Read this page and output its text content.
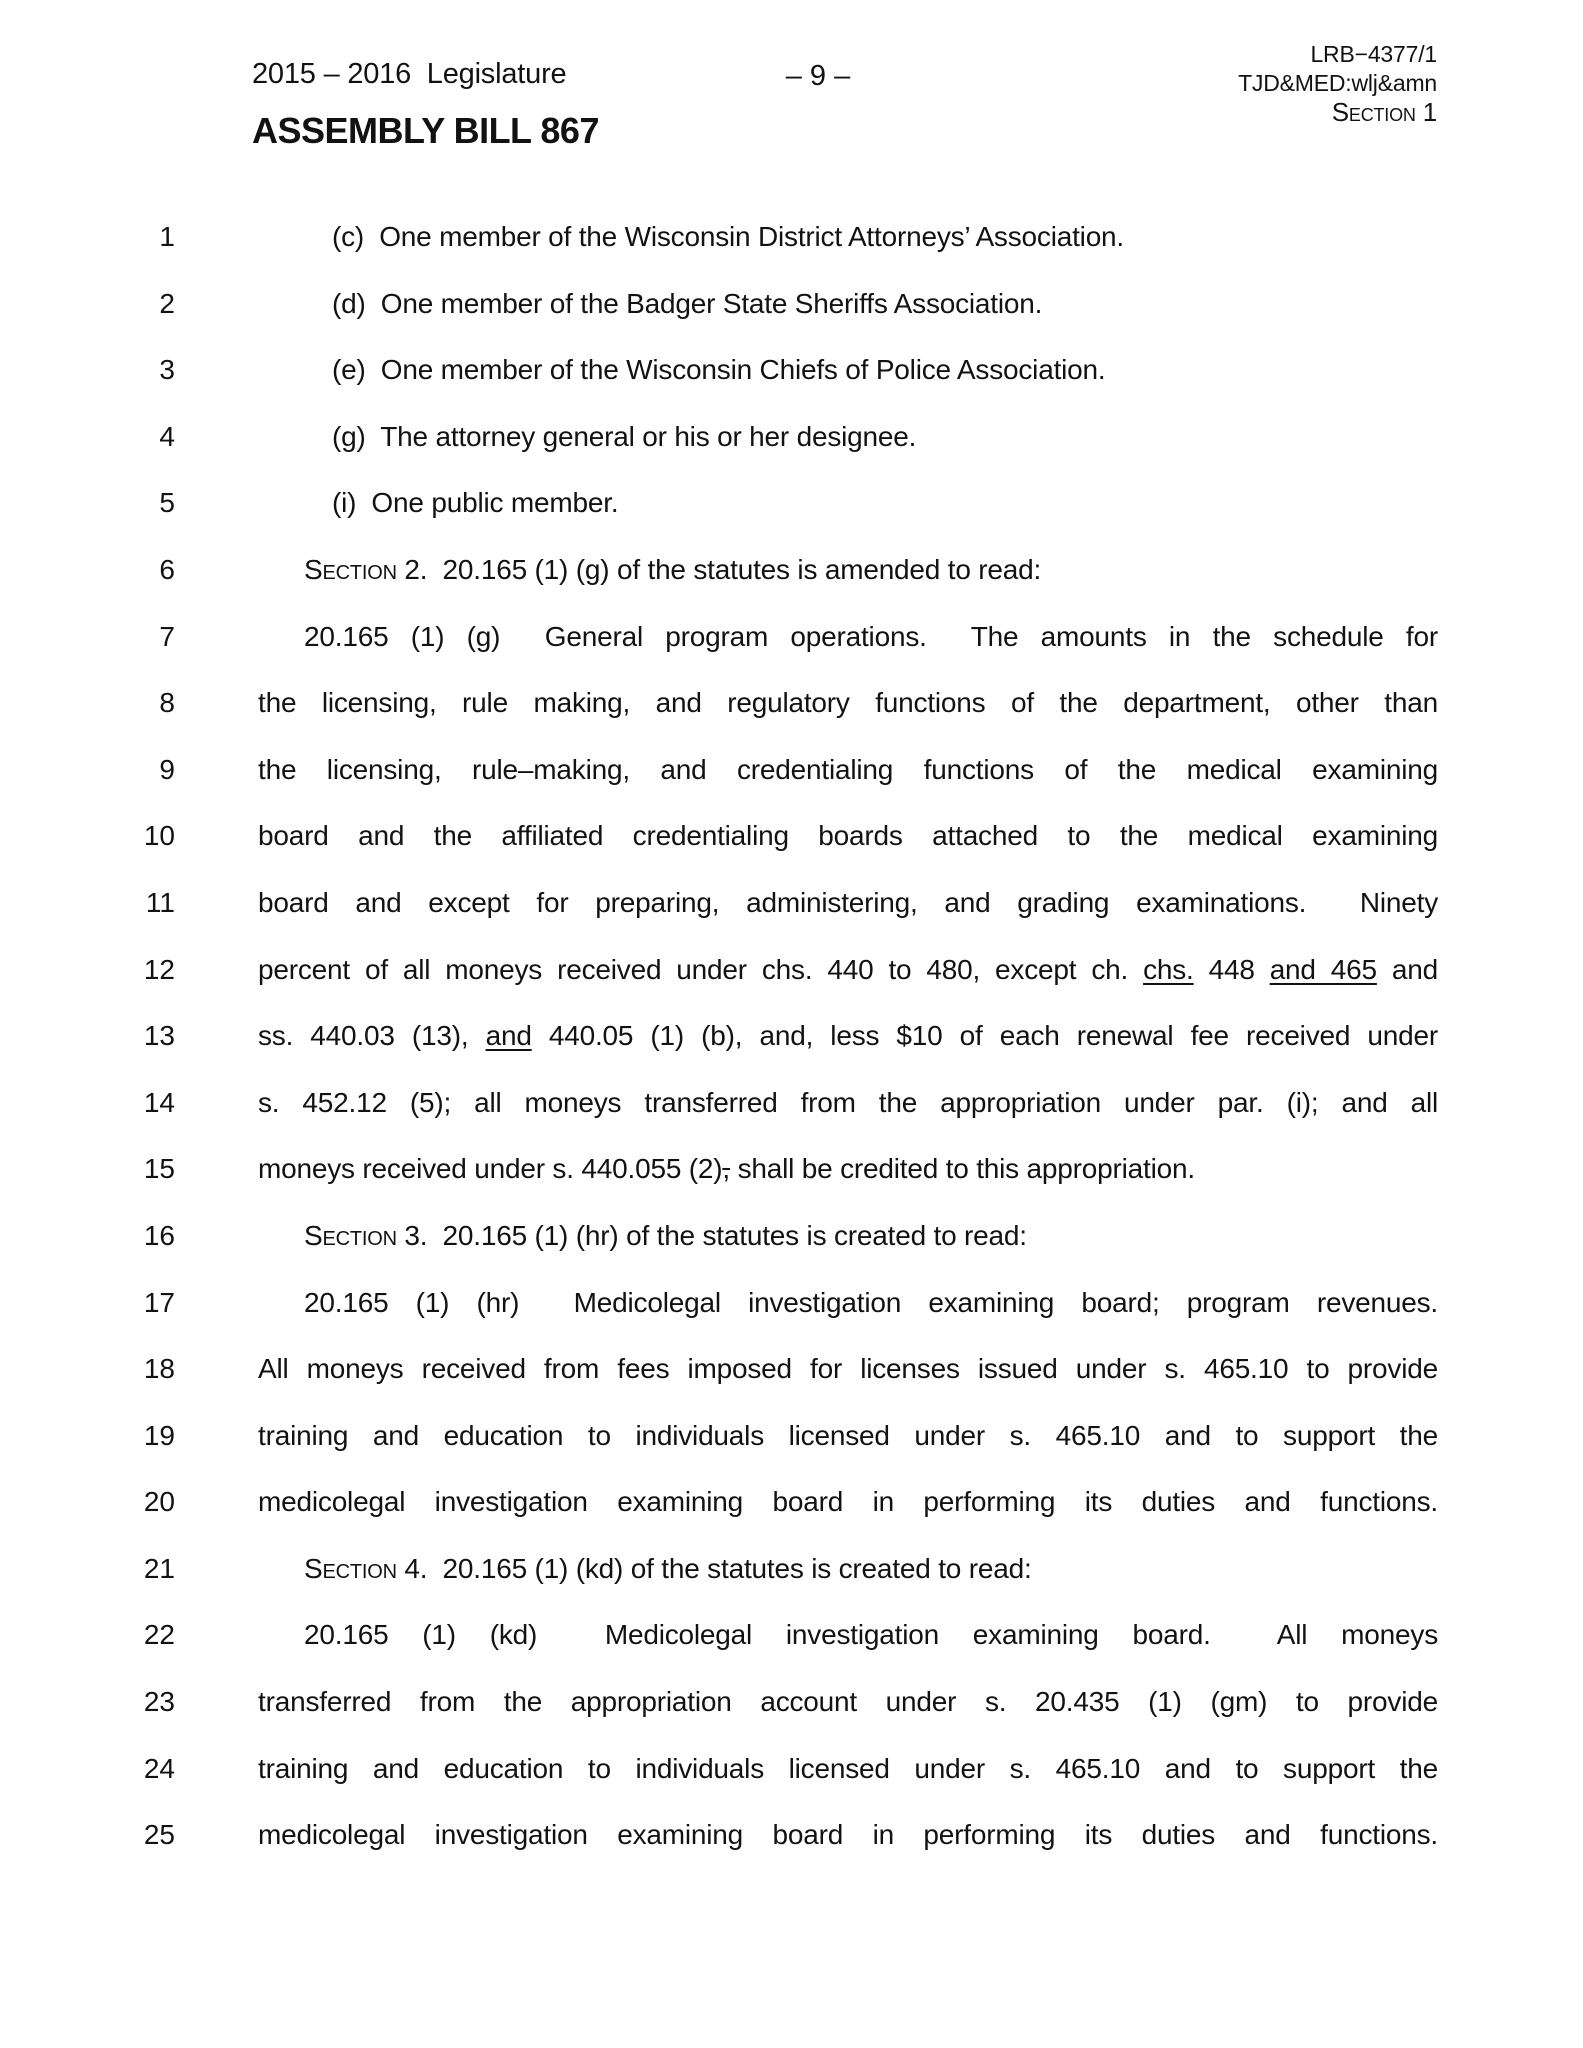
2015 – 2016  Legislature	– 9 –
LRB−4377/1
TJD&MED:wlj&amn
Section 1
ASSEMBLY BILL 867
1	(c)  One member of the Wisconsin District Attorneys’ Association.
2	(d)  One member of the Badger State Sheriffs Association.
3	(e)  One member of the Wisconsin Chiefs of Police Association.
4	(g)  The attorney general or his or her designee.
5	(i)  One public member.
6	Section 2.  20.165 (1) (g) of the statutes is amended to read:
7	20.165 (1) (g)  General program operations.  The amounts in the schedule for
8	the licensing, rule making, and regulatory functions of the department, other than
9	the licensing, rule–making, and credentialing functions of the medical examining
10	board and the affiliated credentialing boards attached to the medical examining
11	board and except for preparing, administering, and grading examinations.  Ninety
12	percent of all moneys received under chs. 440 to 480, except ch. chs. 448 and 465 and
13	ss. 440.03 (13), and 440.05 (1) (b), and, less $10 of each renewal fee received under
14	s. 452.12 (5); all moneys transferred from the appropriation under par. (i); and all
15	moneys received under s. 440.055 (2), shall be credited to this appropriation.
16	Section 3.  20.165 (1) (hr) of the statutes is created to read:
17	20.165 (1) (hr)  Medicolegal investigation examining board; program revenues.
18	All moneys received from fees imposed for licenses issued under s. 465.10 to provide
19	training and education to individuals licensed under s. 465.10 and to support the
20	medicolegal investigation examining board in performing its duties and functions.
21	Section 4.  20.165 (1) (kd) of the statutes is created to read:
22	20.165 (1) (kd)  Medicolegal investigation examining board.  All moneys
23	transferred from the appropriation account under s. 20.435 (1) (gm) to provide
24	training and education to individuals licensed under s. 465.10 and to support the
25	medicolegal investigation examining board in performing its duties and functions.
